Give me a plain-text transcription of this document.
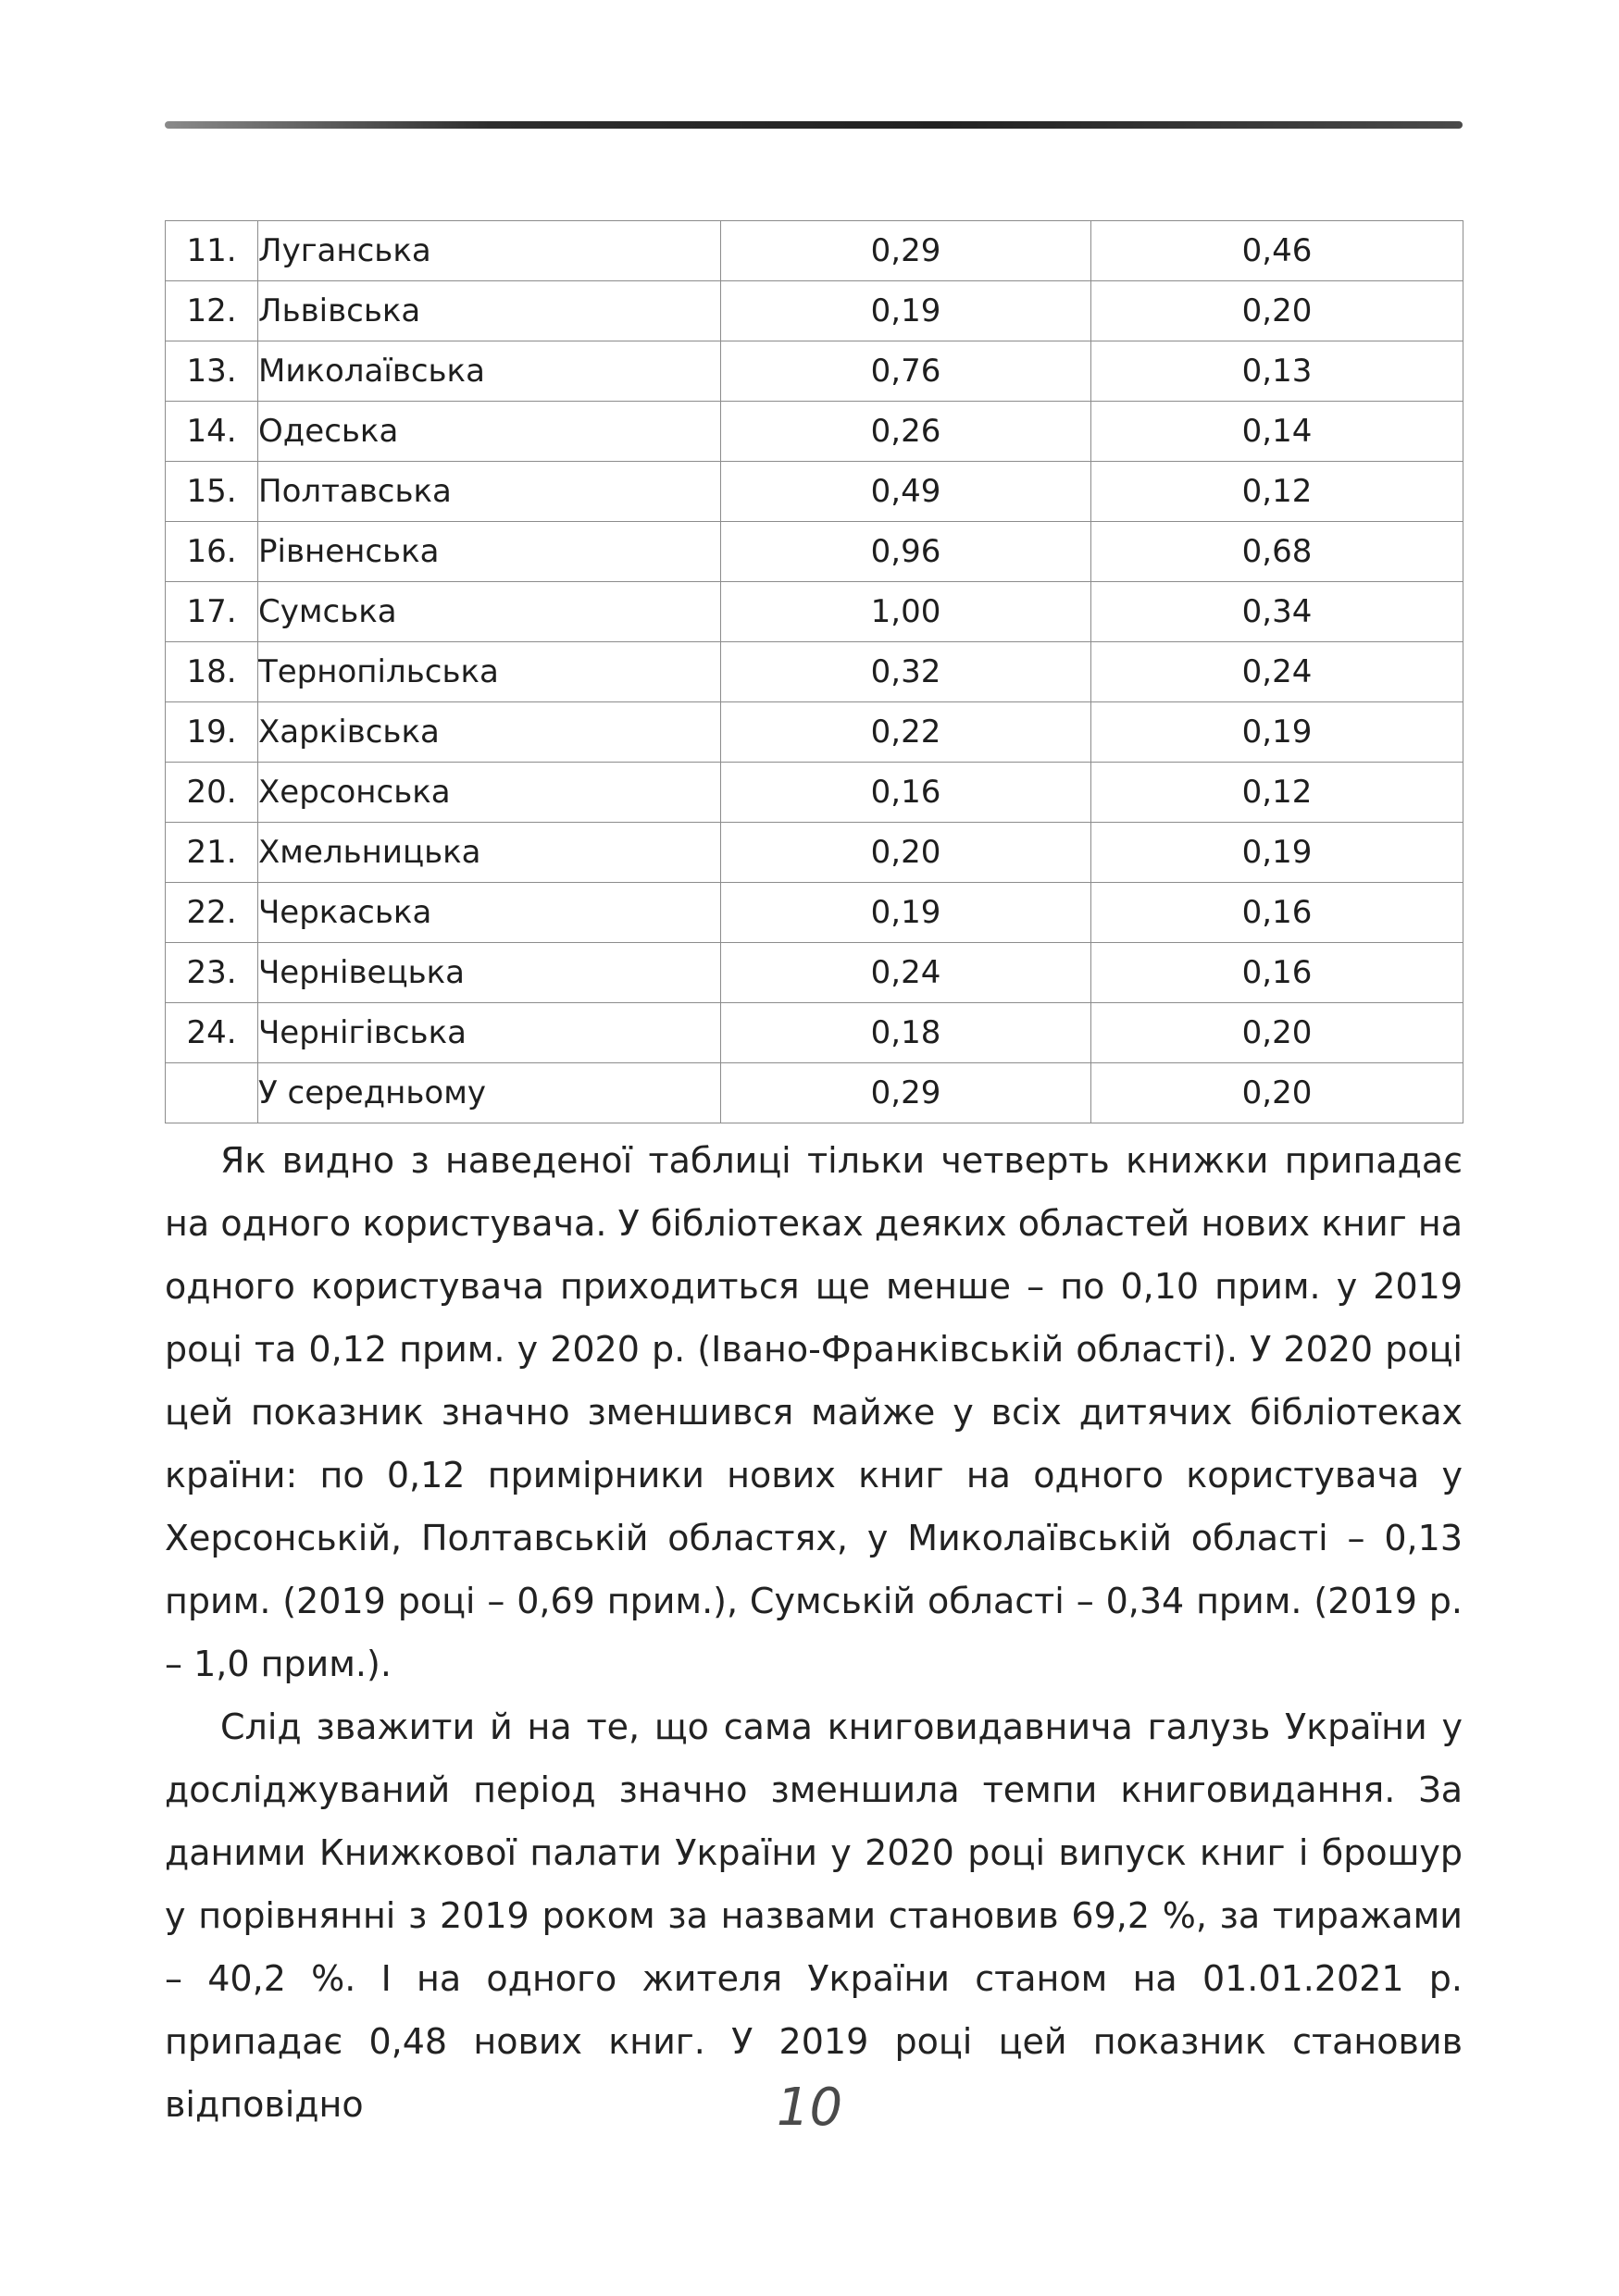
11.	Луганська	0,29	0,46
12.	Львівська	0,19	0,20
13.	Миколаївська	0,76	0,13
14.	Одеська	0,26	0,14
15.	Полтавська	0,49	0,12
16.	Рівненська	0,96	0,68
17.	Сумська	1,00	0,34
18.	Тернопільська	0,32	0,24
19.	Харківська	0,22	0,19
20.	Херсонська	0,16	0,12
21.	Хмельницька	0,20	0,19
22.	Черкаська	0,19	0,16
23.	Чернівецька	0,24	0,16
24.	Чернігівська	0,18	0,20
	У середньому	0,29	0,20

Як видно з наведеної таблиці тільки четверть книжки припадає на одного користувача. У бібліотеках деяких областей нових книг на одного користувача приходиться ще менше – по 0,10 прим. у 2019 році та 0,12 прим. у 2020 р. (Івано-Франківській області). У 2020 році цей показник значно зменшився майже у всіх дитячих бібліотеках країни: по 0,12 примірники нових книг на одного користувача у Херсонській, Полтавській областях, у Миколаївській області – 0,13 прим. (2019 році – 0,69 прим.), Сумській області – 0,34 прим. (2019 р. – 1,0 прим.).

Слід зважити й на те, що сама книговидавнича галузь України у досліджуваний період значно зменшила темпи книговидання. За даними Книжкової палати України у 2020 році випуск книг і брошур у порівнянні з 2019 роком за назвами становив 69,2 %, за тиражами – 40,2 %. І на одного жителя України станом на 01.01.2021 р. припадає 0,48 нових книг. У 2019 році цей показник становив відповідно	10
